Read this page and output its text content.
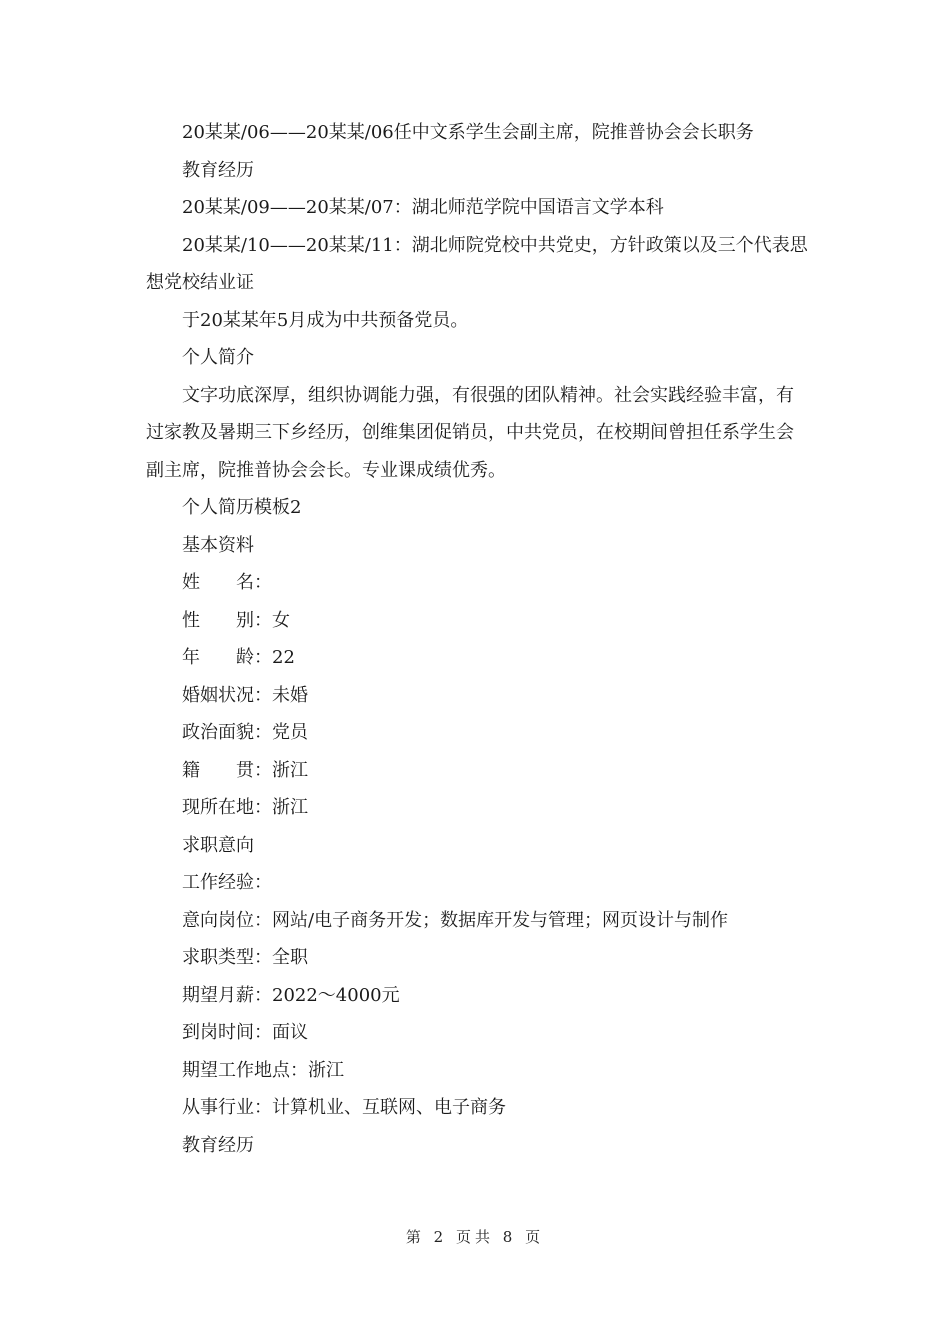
20某某/06——20某某/06任中文系学生会副主席，院推普协会会长职务

教育经历

20某某/09——20某某/07：湖北师范学院中国语言文学本科

20某某/10——20某某/11：湖北师院党校中共党史，方针政策以及三个代表思想党校结业证

于20某某年5月成为中共预备党员。

个人简介

文字功底深厚，组织协调能力强，有很强的团队精神。社会实践经验丰富，有过家教及暑期三下乡经历，创维集团促销员，中共党员，在校期间曾担任系学生会副主席，院推普协会会长。专业课成绩优秀。

个人简历模板2

基本资料

姓　　名：

性　　别：女

年　　龄：22

婚姻状况：未婚

政治面貌：党员

籍　　贯：浙江

现所在地：浙江

求职意向

工作经验：

意向岗位：网站/电子商务开发；数据库开发与管理；网页设计与制作

求职类型：全职

期望月薪：2022～4000元

到岗时间：面议

期望工作地点：浙江

从事行业：计算机业、互联网、电子商务

教育经历

第 2 页共 8 页
